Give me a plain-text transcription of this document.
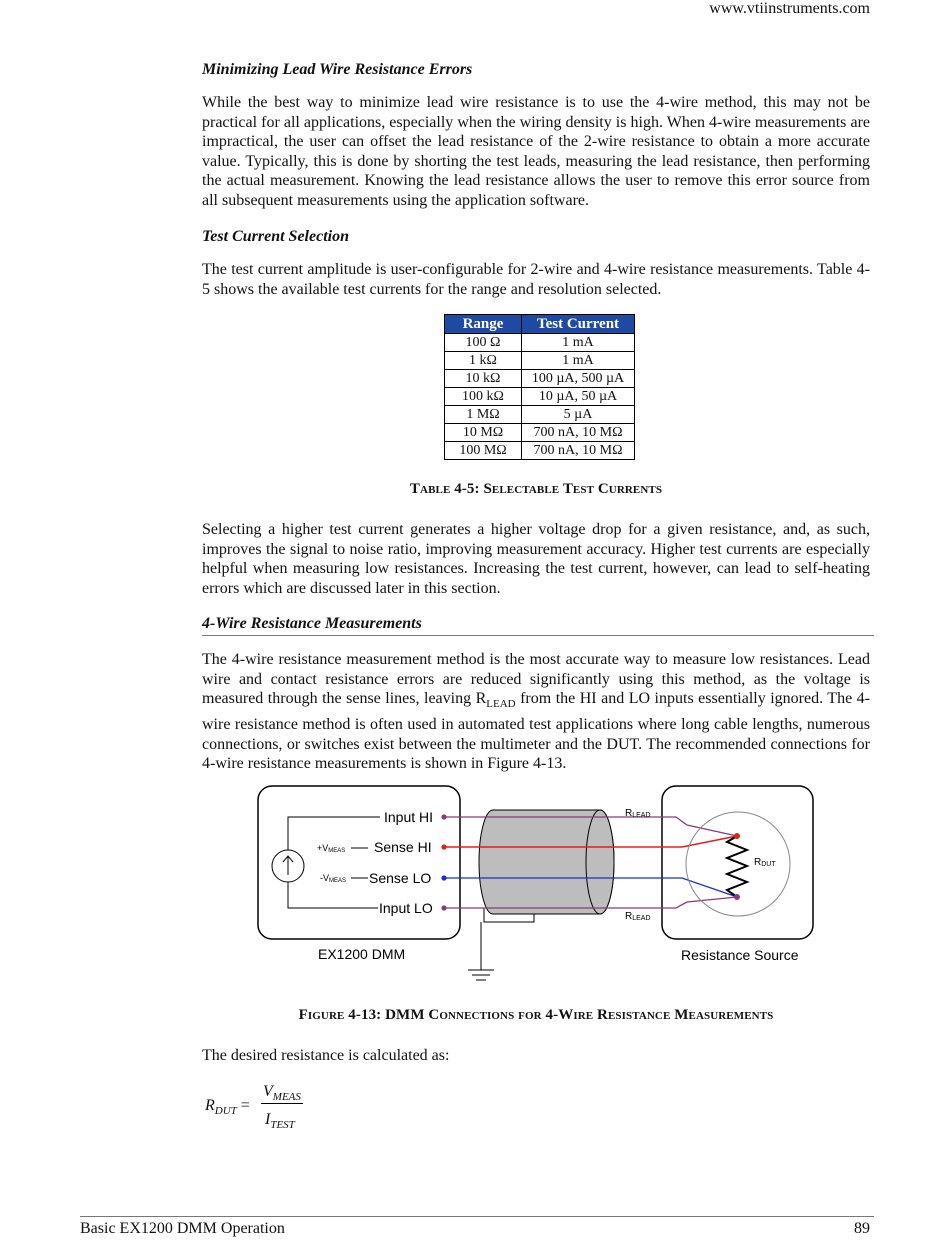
www.vtiinstruments.com
Minimizing Lead Wire Resistance Errors
While the best way to minimize lead wire resistance is to use the 4-wire method, this may not be practical for all applications, especially when the wiring density is high. When 4-wire measurements are impractical, the user can offset the lead resistance of the 2-wire resistance to obtain a more accurate value. Typically, this is done by shorting the test leads, measuring the lead resistance, then performing the actual measurement. Knowing the lead resistance allows the user to remove this error source from all subsequent measurements using the application software.
Test Current Selection
The test current amplitude is user-configurable for 2-wire and 4-wire resistance measurements. Table 4-5 shows the available test currents for the range and resolution selected.
Range	Test Current
100 Ω	1 mA
1 kΩ	1 mA
10 kΩ	100 µA, 500 µA
100 kΩ	10 µA, 50 µA
1 MΩ	5 µA
10 MΩ	700 nA, 10 MΩ
100 MΩ	700 nA, 10 MΩ
Table 4-5: Selectable Test Currents
Selecting a higher test current generates a higher voltage drop for a given resistance, and, as such, improves the signal to noise ratio, improving measurement accuracy. Higher test currents are especially helpful when measuring low resistances. Increasing the test current, however, can lead to self-heating errors which are discussed later in this section.
4-Wire Resistance Measurements
The 4-wire resistance measurement method is the most accurate way to measure low resistances. Lead wire and contact resistance errors are reduced significantly using this method, as the voltage is measured through the sense lines, leaving $R_{LEAD}$ from the HI and LO inputs essentially ignored. The 4-wire resistance method is often used in automated test applications where long cable lengths, numerous connections, or switches exist between the multimeter and the DUT. The recommended connections for 4-wire resistance measurements is shown in Figure 4-13.
Input HI
Sense HI
Sense LO
Input LO
+VMEAS
-VMEAS
RLEAD
RLEAD
RDUT
EX1200 DMM	Resistance Source
Figure 4-13: DMM Connections for 4-Wire Resistance Measurements
The desired resistance is calculated as:
$R_{DUT}$ =
$V_{MEAS}$
$I_{TEST}$
Basic EX1200 DMM Operation	89
